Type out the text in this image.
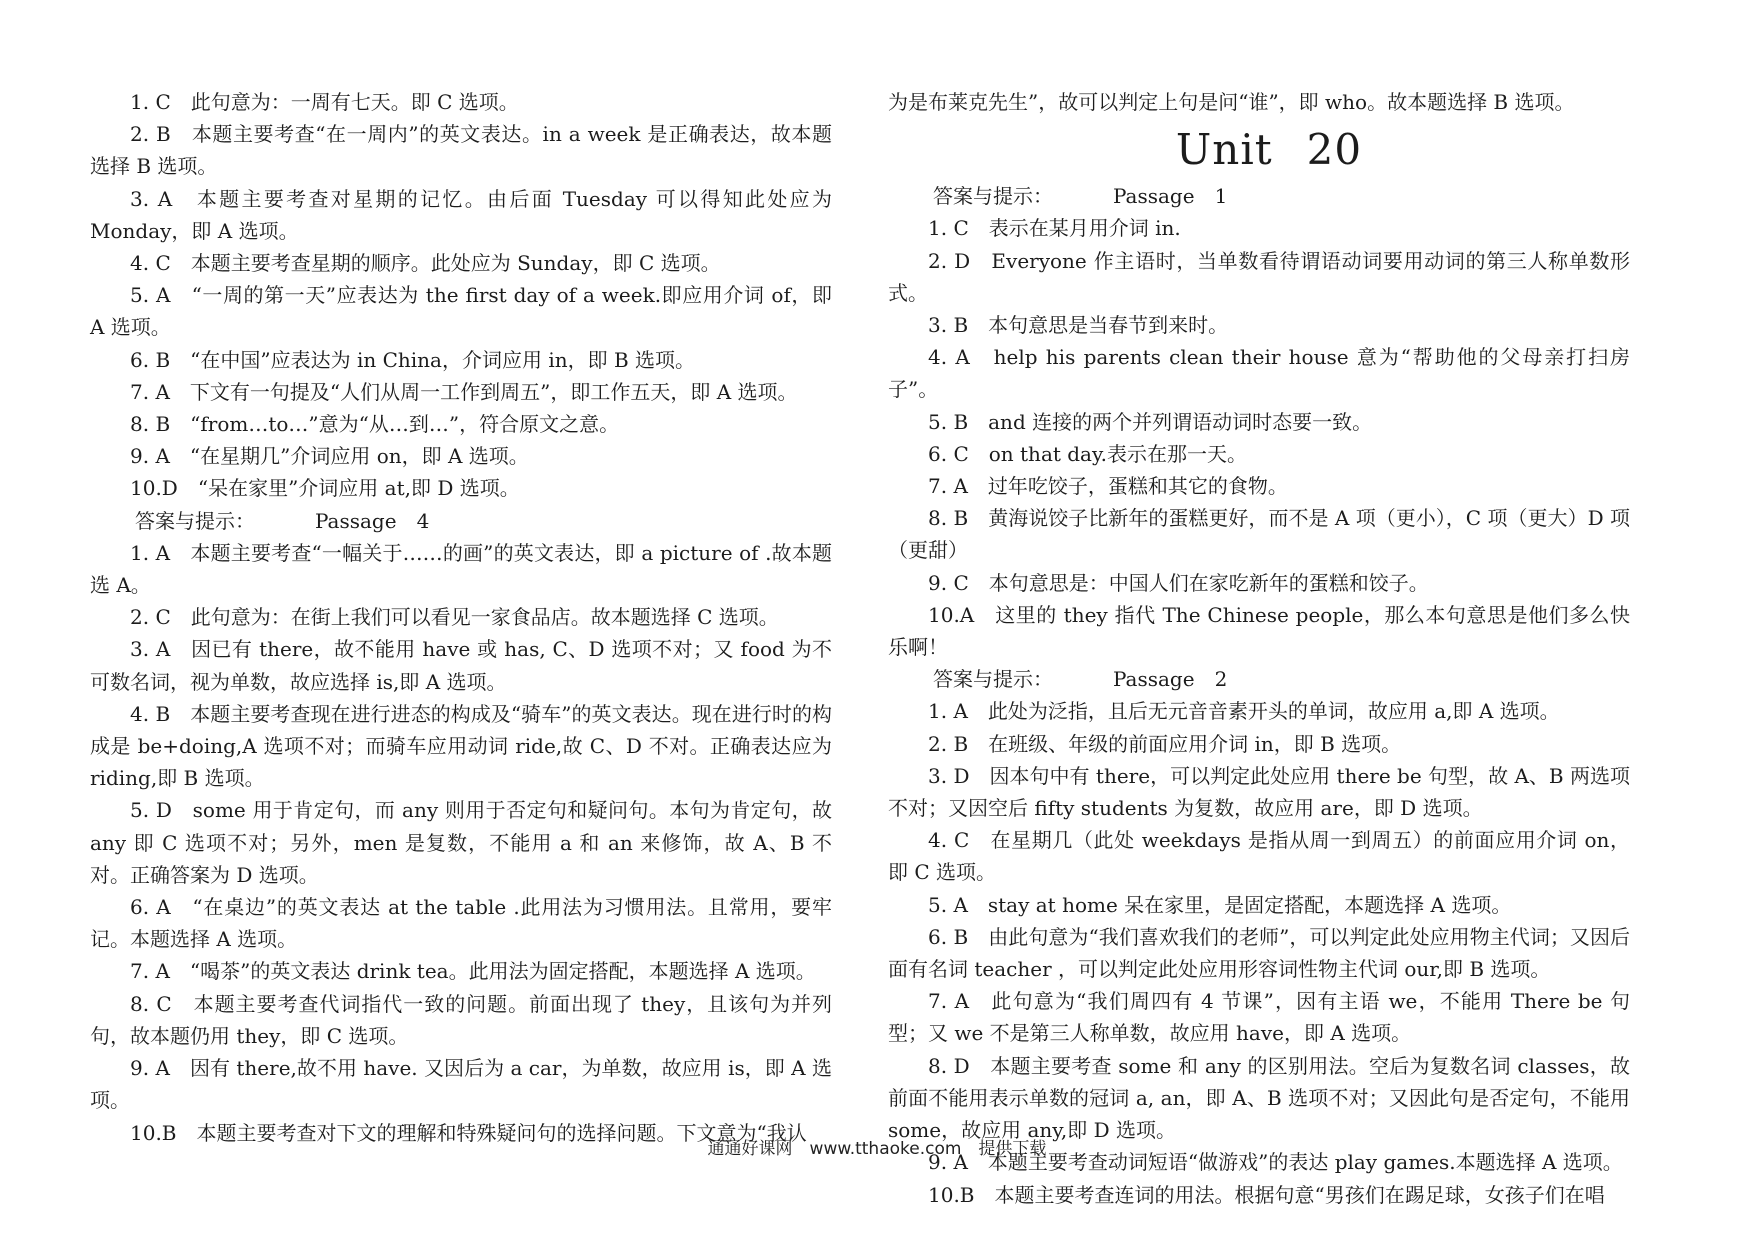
1. C　此句意为：一周有七天。即 C 选项。

2. B　本题主要考查“在一周内”的英文表达。in a week 是正确表达，故本题选择 B 选项。

3. A　本题主要考查对星期的记忆。由后面 Tuesday 可以得知此处应为 Monday，即 A 选项。

4. C　本题主要考查星期的顺序。此处应为 Sunday，即 C 选项。

5. A　“一周的第一天”应表达为 the first day of a week.即应用介词 of，即 A 选项。

6. B　“在中国”应表达为 in China，介词应用 in，即 B 选项。

7. A　下文有一句提及“人们从周一工作到周五”，即工作五天，即 A 选项。

8. B　“from…to…”意为“从…到…”，符合原文之意。

9. A　“在星期几”介词应用 on，即 A 选项。

10.D　“呆在家里”介词应用 at,即 D 选项。

答案与提示：	Passage　4

1. A　本题主要考查“一幅关于……的画”的英文表达，即 a picture of .故本题选 A。

2. C　此句意为：在街上我们可以看见一家食品店。故本题选择 C 选项。

3. A　因已有 there，故不能用 have 或 has, C、D 选项不对；又 food 为不可数名词，视为单数，故应选择 is,即 A 选项。

4. B　本题主要考查现在进行进态的构成及“骑车”的英文表达。现在进行时的构成是 be+doing,A 选项不对；而骑车应用动词 ride,故 C、D 不对。正确表达应为 riding,即 B 选项。

5. D　some 用于肯定句，而 any 则用于否定句和疑问句。本句为肯定句，故 any 即 C 选项不对；另外，men 是复数，不能用 a 和 an 来修饰，故 A、B 不对。正确答案为 D 选项。

6. A　“在桌边”的英文表达 at the table .此用法为习惯用法。且常用，要牢记。本题选择 A 选项。

7. A　“喝茶”的英文表达 drink tea。此用法为固定搭配，本题选择 A 选项。

8. C　本题主要考查代词指代一致的问题。前面出现了 they，且该句为并列句，故本题仍用 they，即 C 选项。

9. A　因有 there,故不用 have. 又因后为 a car，为单数，故应用 is，即 A 选项。

10.B　本题主要考查对下文的理解和特殊疑问句的选择问题。下文意为“我认

为是布莱克先生”，故可以判定上句是问“谁”，即 who。故本题选择 B 选项。

Unit 20

答案与提示：	Passage　1

1. C　表示在某月用介词 in.

2. D　Everyone 作主语时，当单数看待谓语动词要用动词的第三人称单数形式。

3. B　本句意思是当春节到来时。

4. A　help his parents clean their house 意为“帮助他的父母亲打扫房子”。

5. B　and 连接的两个并列谓语动词时态要一致。

6. C　on that day.表示在那一天。

7. A　过年吃饺子，蛋糕和其它的食物。

8. B　黄海说饺子比新年的蛋糕更好，而不是 A 项（更小），C 项（更大）D 项（更甜）

9. C　本句意思是：中国人们在家吃新年的蛋糕和饺子。

10.A　这里的 they 指代 The Chinese people，那么本句意思是他们多么快乐啊！

答案与提示：	Passage　2

1. A　此处为泛指，且后无元音音素开头的单词，故应用 a,即 A 选项。

2. B　在班级、年级的前面应用介词 in，即 B 选项。

3. D　因本句中有 there，可以判定此处应用 there be 句型，故 A、B 两选项不对；又因空后 fifty students 为复数，故应用 are，即 D 选项。

4. C　在星期几（此处 weekdays 是指从周一到周五）的前面应用介词 on，即 C 选项。

5. A　stay at home 呆在家里，是固定搭配，本题选择 A 选项。

6. B　由此句意为“我们喜欢我们的老师”，可以判定此处应用物主代词；又因后面有名词 teacher ，可以判定此处应用形容词性物主代词 our,即 B 选项。

7. A　此句意为“我们周四有 4 节课”，因有主语 we，不能用 There be 句型；又 we 不是第三人称单数，故应用 have，即 A 选项。

8. D　本题主要考查 some 和 any 的区别用法。空后为复数名词 classes，故前面不能用表示单数的冠词 a, an，即 A、B 选项不对；又因此句是否定句，不能用 some，故应用 any,即 D 选项。

9. A　本题主要考查动词短语“做游戏”的表达 play games.本题选择 A 选项。

10.B　本题主要考查连词的用法。根据句意“男孩们在踢足球，女孩子们在唱

通通好课网　www.tthaoke.com　提供下载
